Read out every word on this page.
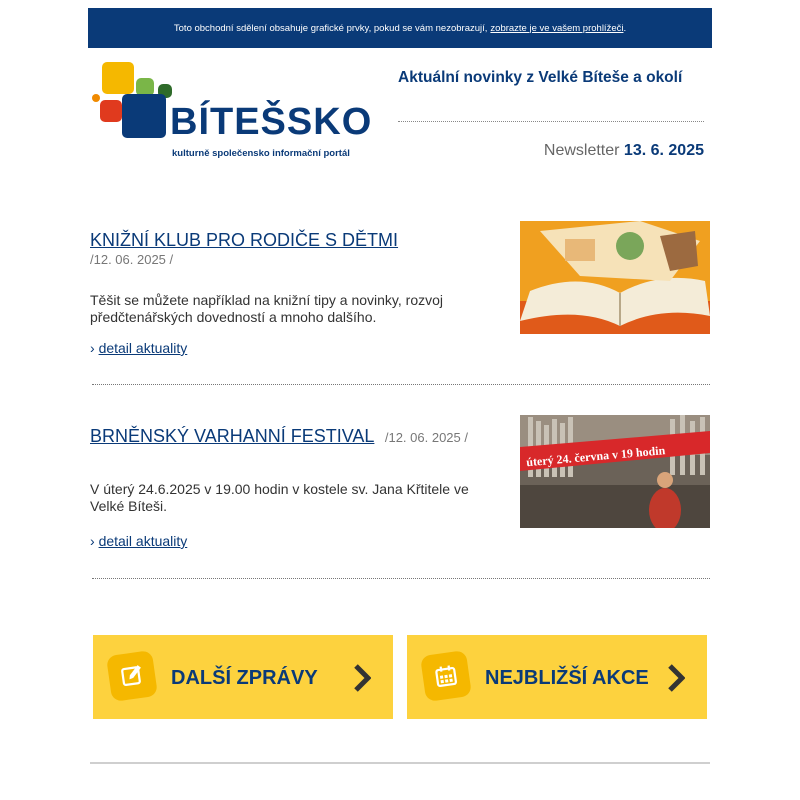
Toto obchodní sdělení obsahuje grafické prvky, pokud se vám nezobrazují, zobrazte je ve vašem prohlížeči .
BÍTEŠSKO
kulturně společensko informační portál
Aktuální novinky z Velké Bíteše a okolí
Newsletter 13. 6. 2025
KNIŽNÍ KLUB PRO RODIČE S DĚTMI
/12. 06. 2025 /
Těšit se můžete například na knižní tipy a novinky, rozvoj předčtenářských dovedností a mnoho dalšího.
› detail aktuality
BRNĚNSKÝ VARHANNÍ FESTIVAL /12. 06. 2025 /
V úterý 24.6.2025 v 19.00 hodin v kostele sv. Jana Křtitele ve Velké Bíteši.
› detail aktuality
úterý 24. června v 19 hodin
DALŠÍ ZPRÁVY	NEJBLIŽŠÍ AKCE
